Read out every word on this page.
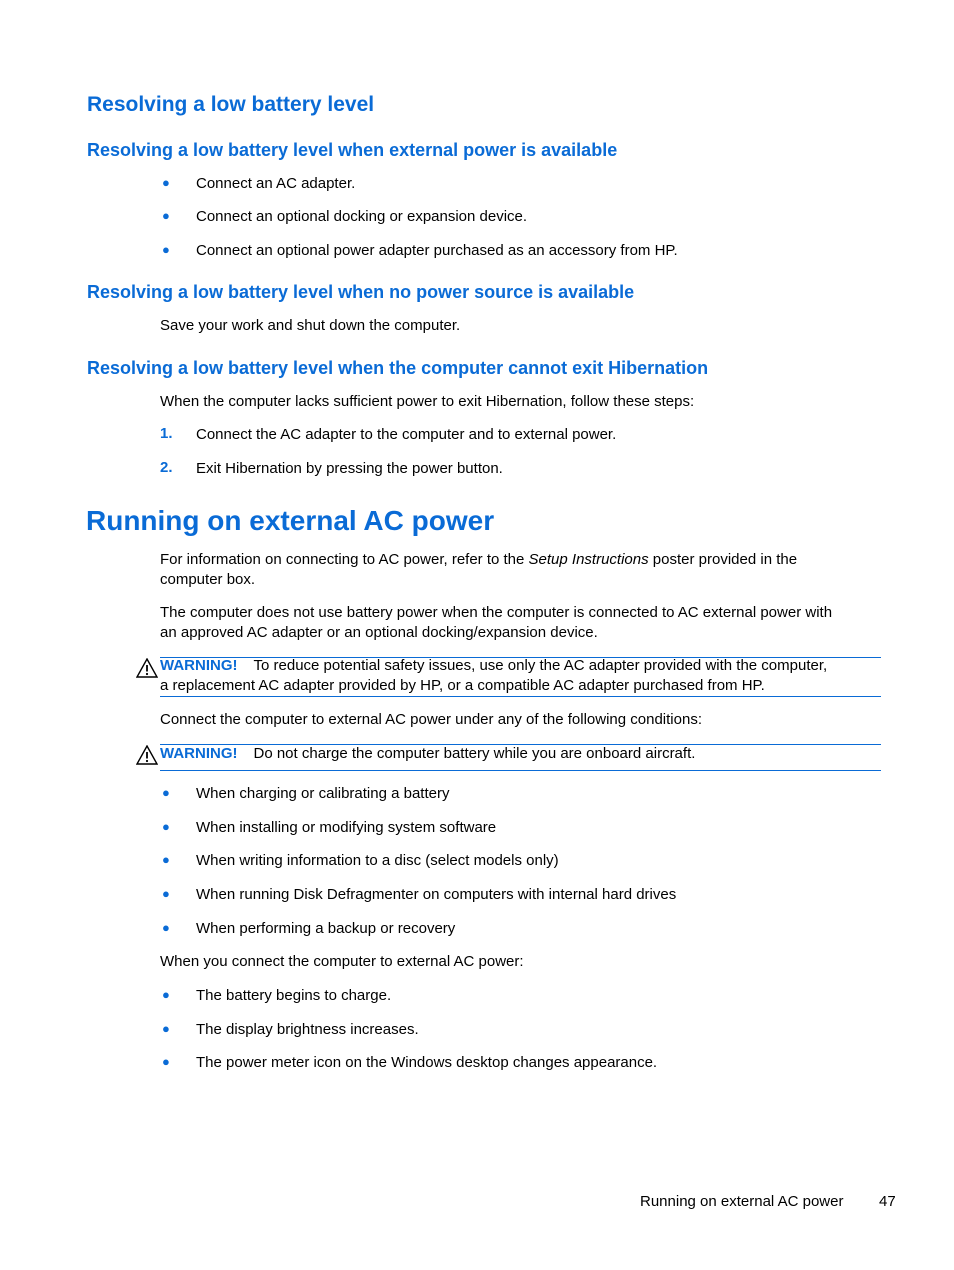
Resolving a low battery level
Resolving a low battery level when external power is available
● Connect an AC adapter.
● Connect an optional docking or expansion device.
● Connect an optional power adapter purchased as an accessory from HP.
Resolving a low battery level when no power source is available
Save your work and shut down the computer.
Resolving a low battery level when the computer cannot exit Hibernation
When the computer lacks sufficient power to exit Hibernation, follow these steps:
1. Connect the AC adapter to the computer and to external power.
2. Exit Hibernation by pressing the power button.
Running on external AC power
For information on connecting to AC power, refer to the Setup Instructions poster provided in the
computer box.
The computer does not use battery power when the computer is connected to AC external power with
an approved AC adapter or an optional docking/expansion device.
WARNING! To reduce potential safety issues, use only the AC adapter provided with the computer,
a replacement AC adapter provided by HP, or a compatible AC adapter purchased from HP.
Connect the computer to external AC power under any of the following conditions:
WARNING! Do not charge the computer battery while you are onboard aircraft.
● When charging or calibrating a battery
● When installing or modifying system software
● When writing information to a disc (select models only)
● When running Disk Defragmenter on computers with internal hard drives
● When performing a backup or recovery
When you connect the computer to external AC power:
● The battery begins to charge.
● The display brightness increases.
● The power meter icon on the Windows desktop changes appearance.
Running on external AC power 47
